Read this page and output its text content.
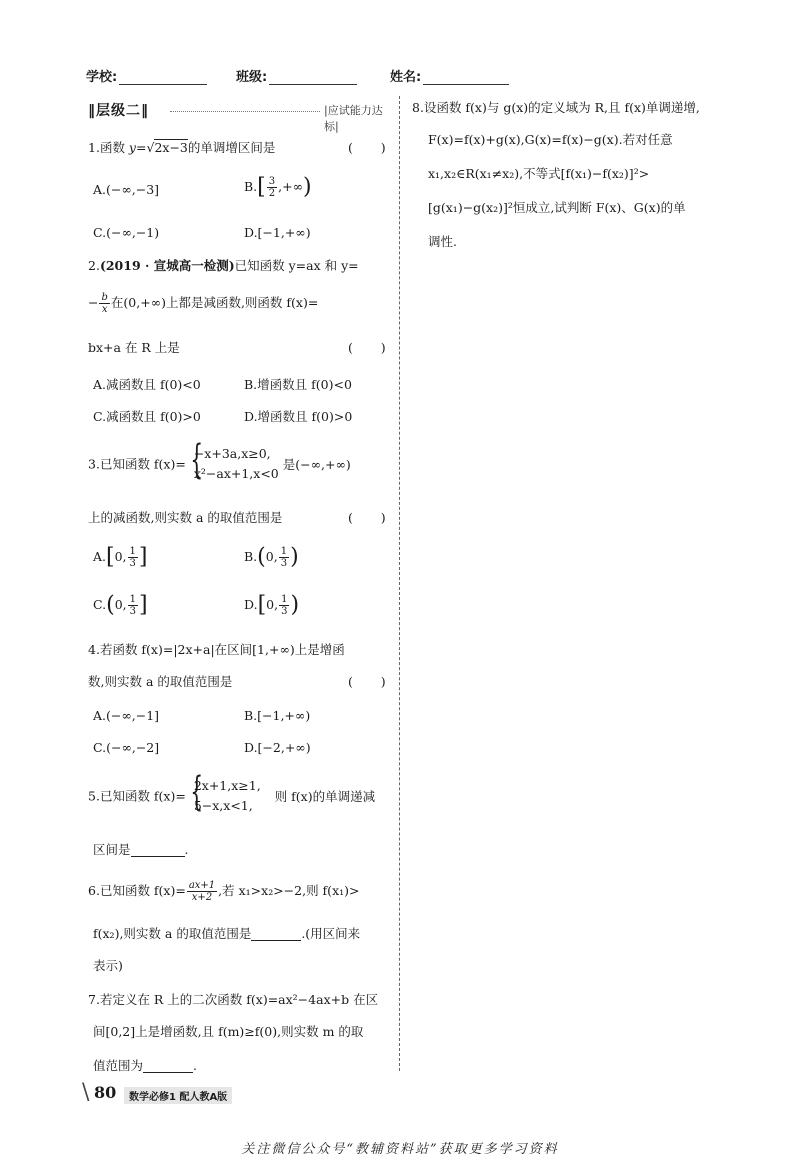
学校:	班级:	姓名:
‖层级二‖	|应试能力达标|
1.函数 y=√2x−3的单调增区间是	(       )
A.(−∞,−3]	$B.[ \frac{3}{2}$ ,+∞)
C.(−∞,−1)	D.[−1,+∞)
2.(2019 · 宣城高一检测)已知函数 y=ax 和 y=
− $\frac{b}{x}$ 在(0,+∞)上都是减函数,则函数 f(x)=
bx+a 在 R 上是	(       )
A.减函数且 f(0)<0	B.增函数且 f(0)<0
C.减函数且 f(0)>0	D.增函数且 f(0)>0
3.已知函数 f(x)= {
−x+3a,x≥0,
x²−ax+1,x<0
是(−∞,+∞)
上的减函数,则实数 a 的取值范围是	(       )
A.[0, $\frac{1}{3}$ ]	B.(0, $\frac{1}{3}$ )
C.(0, $\frac{1}{3}$ ]	D.[0, $\frac{1}{3}$ )
4.若函数 f(x)=|2x+a|在区间[1,+∞)上是增函
数,则实数 a 的取值范围是	(       )
A.(−∞,−1]	B.[−1,+∞)
C.(−∞,−2]	D.[−2,+∞)
5.已知函数 f(x)= {
2x+1,x≥1,
5−x,x<1,
则 f(x)的单调递减
区间是	.
6.已知函数 $f(x)= \frac{ax+1}{x+2}$ ,若 x₁>x₂>−2,则 f(x₁)>
f(x₂),则实数 a 的取值范围是	.(用区间来
表示)
7.若定义在 R 上的二次函数 f(x)=ax²−4ax+b 在区
间[0,2]上是增函数,且 f(m)≥f(0),则实数 m 的取
值范围为	.
8.设函数 f(x)与 g(x)的定义域为 R,且 f(x)单调递增,
F(x)=f(x)+g(x),G(x)=f(x)−g(x).若对任意
x₁,x₂∈R(x₁≠x₂),不等式[f(x₁)−f(x₂)]²>
[g(x₁)−g(x₂)]²恒成立,试判断 F(x)、G(x)的单
调性.
\ 80	数学必修1 配人教A版
关注微信公众号“教辅资料站”获取更多学习资料
